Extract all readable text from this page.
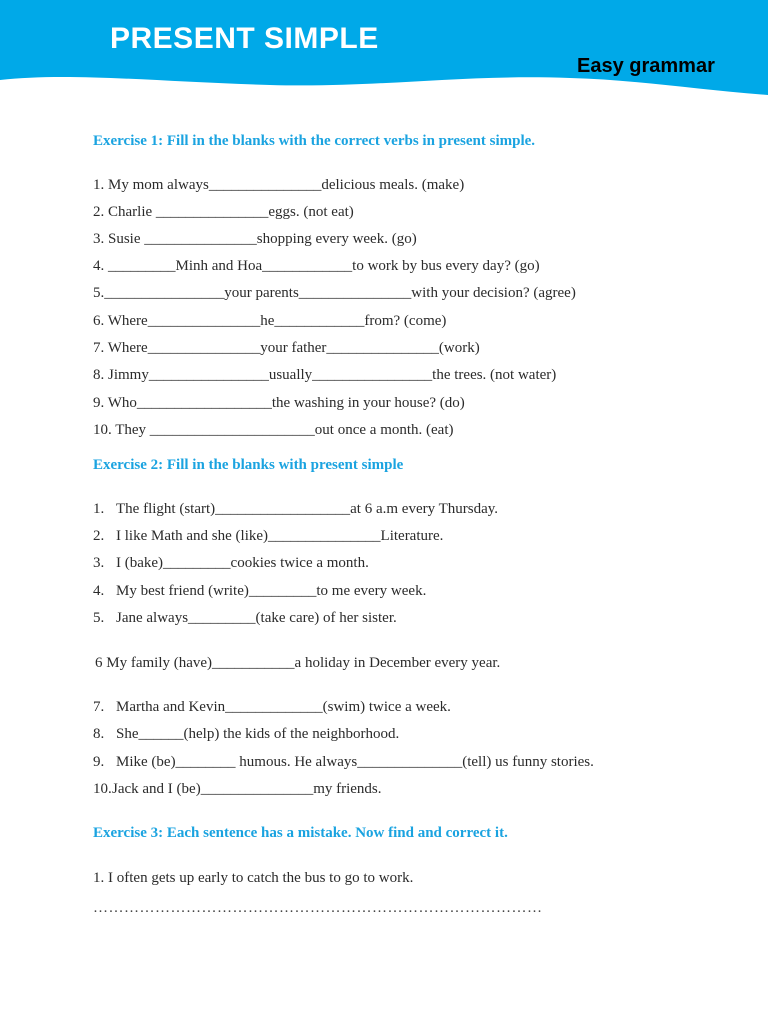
PRESENT SIMPLE
Easy grammar
Exercise 1: Fill in the blanks with the correct verbs in present simple.
1. My mom always_______________delicious meals. (make)
2. Charlie _______________eggs. (not eat)
3. Susie _______________shopping every week. (go)
4. _________Minh and Hoa____________to work by bus every day? (go)
5.________________your parents_______________with your decision? (agree)
6. Where_______________he____________from? (come)
7. Where_______________your father_______________(work)
8. Jimmy________________usually________________the trees. (not water)
9. Who__________________the washing in your house? (do)
10. They ______________________out once a month. (eat)
Exercise 2: Fill in the blanks with present simple
1. The flight (start)__________________at 6 a.m every Thursday.
2. I like Math and she (like)_______________Literature.
3. I (bake)_________cookies twice a month.
4. My best friend (write)_________to me every week.
5. Jane always_________(take care) of her sister.
6 My family (have)___________a holiday in December every year.
7. Martha and Kevin_____________(swim) twice a week.
8. She______(help) the kids of the neighborhood.
9. Mike (be)________ humous. He always______________(tell) us funny stories.
10. Jack and I (be)_______________my friends.
Exercise 3: Each sentence has a mistake. Now find and correct it.
1. I often gets up early to catch the bus to go to work.
……………………………………………………………………………
